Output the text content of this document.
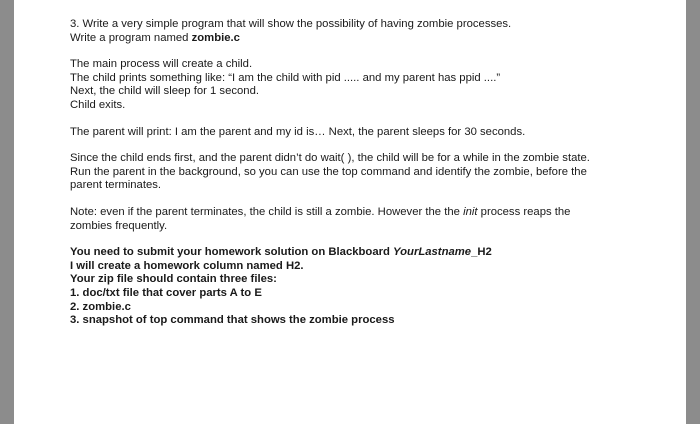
3. Write a very simple program that will show the possibility of having zombie processes.

Write a program named zombie.c

The main process will create a child.

The child prints something like: “I am the child with pid ..... and my parent has ppid ....”

Next, the child will sleep for 1 second.

Child exits.

The parent will print: I am the parent and my id is… Next, the parent sleeps for 30 seconds.

Since the child ends first, and the parent didn’t do wait( ), the child will be for a while in the zombie state.

Run the parent in the background, so you can use the top command and identify the zombie, before the

parent terminates.

Note: even if the parent terminates, the child is still a zombie. However the the init process reaps the

zombies frequently.

You need to submit your homework solution on Blackboard YourLastname_H2

I will create a homework column named H2.

Your zip file should contain three files:

1. doc/txt file that cover parts A to E

2. zombie.c

3. snapshot of top command that shows the zombie process
